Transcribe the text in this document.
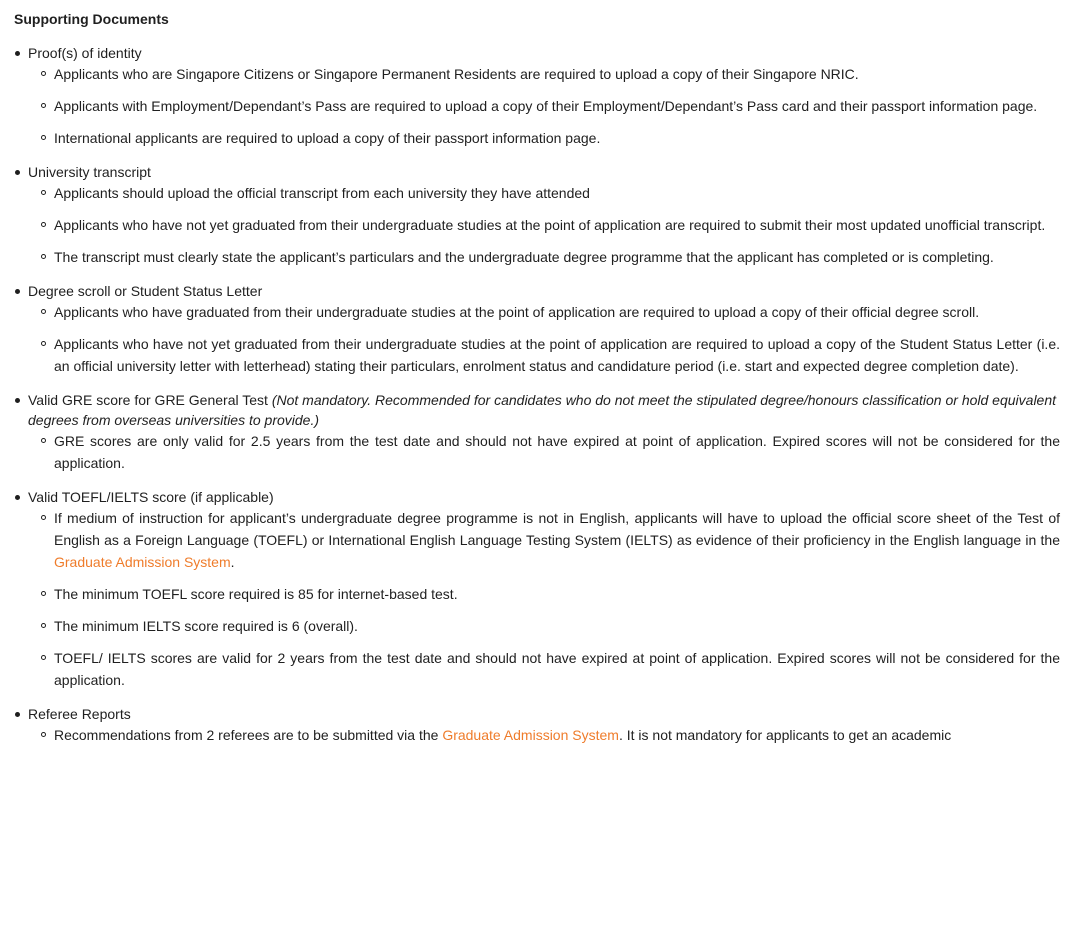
Supporting Documents
Proof(s) of identity
Applicants who are Singapore Citizens or Singapore Permanent Residents are required to upload a copy of their Singapore NRIC.
Applicants with Employment/Dependant’s Pass are required to upload a copy of their Employment/Dependant’s Pass card and their passport information page.
International applicants are required to upload a copy of their passport information page.
University transcript
Applicants should upload the official transcript from each university they have attended
Applicants who have not yet graduated from their undergraduate studies at the point of application are required to submit their most updated unofficial transcript.
The transcript must clearly state the applicant’s particulars and the undergraduate degree programme that the applicant has completed or is completing.
Degree scroll or Student Status Letter
Applicants who have graduated from their undergraduate studies at the point of application are required to upload a copy of their official degree scroll.
Applicants who have not yet graduated from their undergraduate studies at the point of application are required to upload a copy of the Student Status Letter (i.e. an official university letter with letterhead) stating their particulars, enrolment status and candidature period (i.e. start and expected degree completion date).
Valid GRE score for GRE General Test (Not mandatory. Recommended for candidates who do not meet the stipulated degree/honours classification or hold equivalent degrees from overseas universities to provide.)
GRE scores are only valid for 2.5 years from the test date and should not have expired at point of application. Expired scores will not be considered for the application.
Valid TOEFL/IELTS score (if applicable)
If medium of instruction for applicant’s undergraduate degree programme is not in English, applicants will have to upload the official score sheet of the Test of English as a Foreign Language (TOEFL) or International English Language Testing System (IELTS) as evidence of their proficiency in the English language in the Graduate Admission System.
The minimum TOEFL score required is 85 for internet-based test.
The minimum IELTS score required is 6 (overall).
TOEFL/ IELTS scores are valid for 2 years from the test date and should not have expired at point of application. Expired scores will not be considered for the application.
Referee Reports
Recommendations from 2 referees are to be submitted via the Graduate Admission System. It is not mandatory for applicants to get an academic
